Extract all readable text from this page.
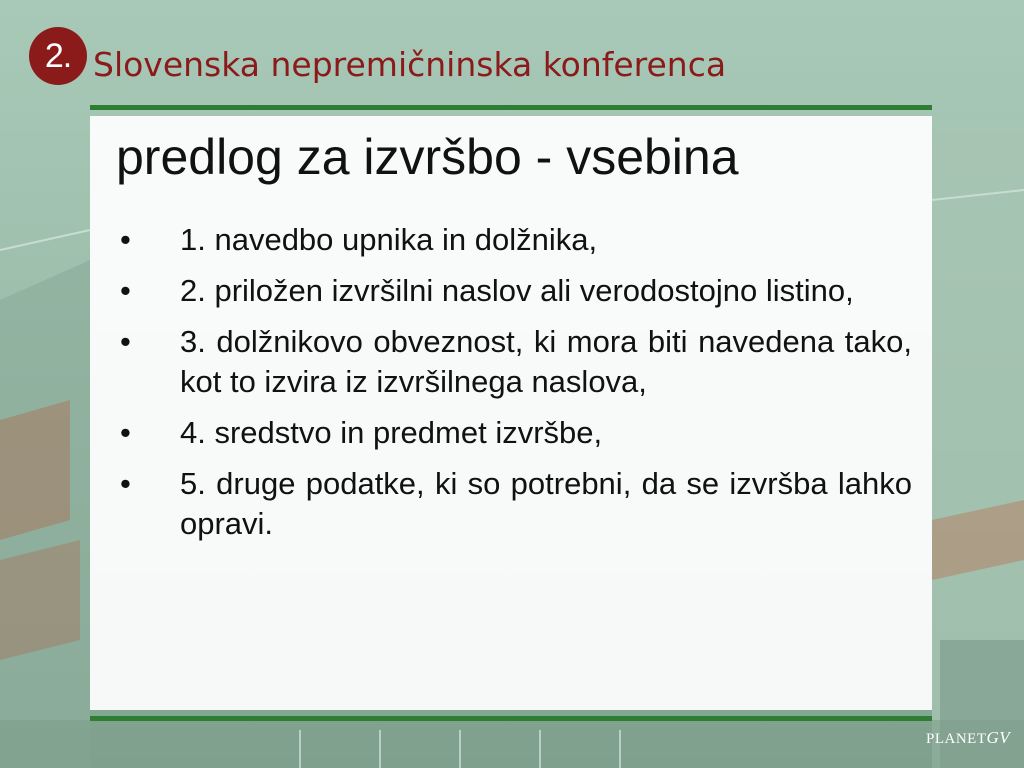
2. Slovenska nepremičninska konferenca
predlog za izvršbo - vsebina
• 1. navedbo upnika in dolžnika,
• 2. priložen izvršilni naslov ali verodostojno listino,
• 3. dolžnikovo obveznost, ki mora biti navedena tako, kot to izvira iz izvršilnega naslova,
• 4. sredstvo in predmet izvršbe,
• 5. druge podatke, ki so potrebni, da se izvršba lahko opravi.
PLANETGV
